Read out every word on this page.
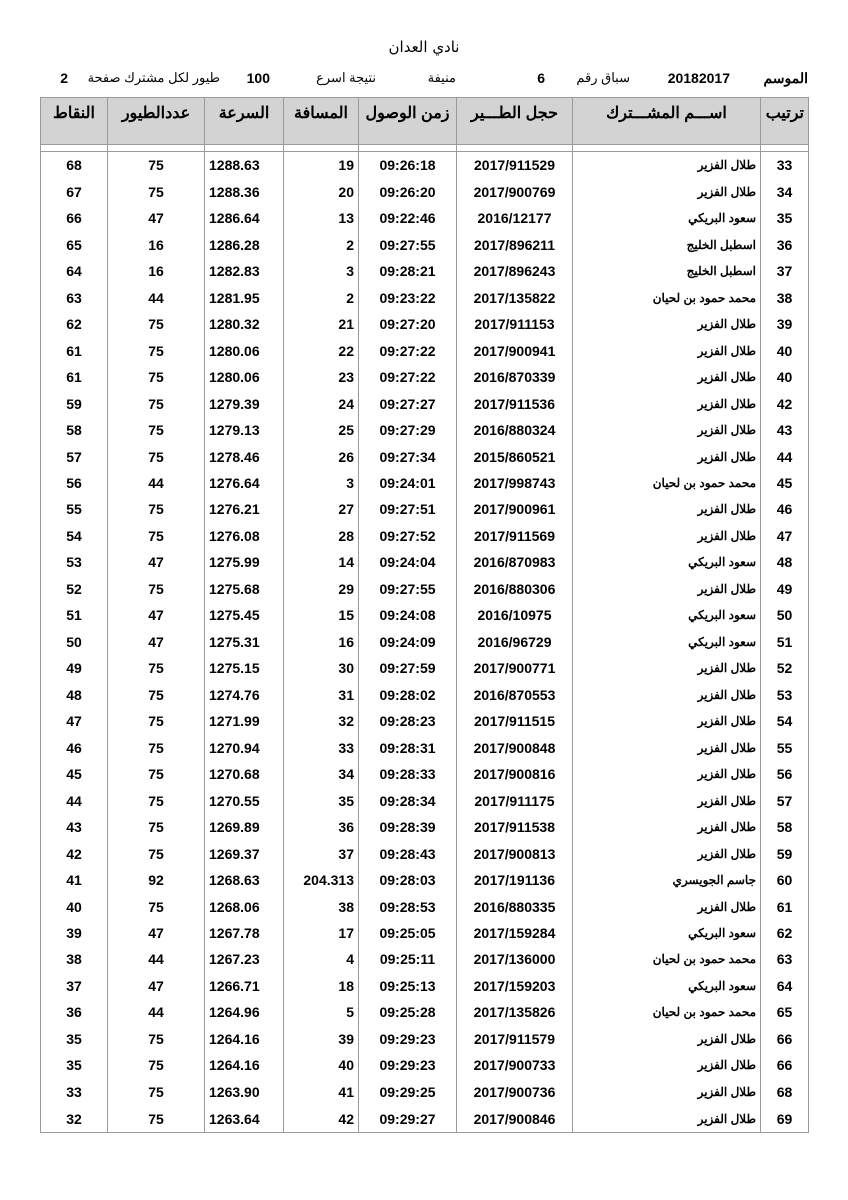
نادي العدان
الموسم
20182017
سباق رقم
6
منيفة
نتيجة اسرع
100
طيور لكل مشترك صفحة
2
ترتيب	اســـم المشـــترك	حجل الطـــير	زمن الوصول	المسافة	السرعة	عددالطيور	النقاط

33	طلال الفزير	2017/911529	09:26:18	19	1288.63	75	68
34	طلال الفزير	2017/900769	09:26:20	20	1288.36	75	67
35	سعود البريكي	2016/12177	09:22:46	13	1286.64	47	66
36	اسطبل الخليج	2017/896211	09:27:55	2	1286.28	16	65
37	اسطبل الخليج	2017/896243	09:28:21	3	1282.83	16	64
38	محمد حمود بن لحيان	2017/135822	09:23:22	2	1281.95	44	63
39	طلال الفزير	2017/911153	09:27:20	21	1280.32	75	62
40	طلال الفزير	2017/900941	09:27:22	22	1280.06	75	61
40	طلال الفزير	2016/870339	09:27:22	23	1280.06	75	61
42	طلال الفزير	2017/911536	09:27:27	24	1279.39	75	59
43	طلال الفزير	2016/880324	09:27:29	25	1279.13	75	58
44	طلال الفزير	2015/860521	09:27:34	26	1278.46	75	57
45	محمد حمود بن لحيان	2017/998743	09:24:01	3	1276.64	44	56
46	طلال الفزير	2017/900961	09:27:51	27	1276.21	75	55
47	طلال الفزير	2017/911569	09:27:52	28	1276.08	75	54
48	سعود البريكي	2016/870983	09:24:04	14	1275.99	47	53
49	طلال الفزير	2016/880306	09:27:55	29	1275.68	75	52
50	سعود البريكي	2016/10975	09:24:08	15	1275.45	47	51
51	سعود البريكي	2016/96729	09:24:09	16	1275.31	47	50
52	طلال الفزير	2017/900771	09:27:59	30	1275.15	75	49
53	طلال الفزير	2016/870553	09:28:02	31	1274.76	75	48
54	طلال الفزير	2017/911515	09:28:23	32	1271.99	75	47
55	طلال الفزير	2017/900848	09:28:31	33	1270.94	75	46
56	طلال الفزير	2017/900816	09:28:33	34	1270.68	75	45
57	طلال الفزير	2017/911175	09:28:34	35	1270.55	75	44
58	طلال الفزير	2017/911538	09:28:39	36	1269.89	75	43
59	طلال الفزير	2017/900813	09:28:43	37	1269.37	75	42
60	جاسم الجويسري	2017/191136	09:28:03	204.313	1268.63	92	41
61	طلال الفزير	2016/880335	09:28:53	38	1268.06	75	40
62	سعود البريكي	2017/159284	09:25:05	17	1267.78	47	39
63	محمد حمود بن لحيان	2017/136000	09:25:11	4	1267.23	44	38
64	سعود البريكي	2017/159203	09:25:13	18	1266.71	47	37
65	محمد حمود بن لحيان	2017/135826	09:25:28	5	1264.96	44	36
66	طلال الفزير	2017/911579	09:29:23	39	1264.16	75	35
66	طلال الفزير	2017/900733	09:29:23	40	1264.16	75	35
68	طلال الفزير	2017/900736	09:29:25	41	1263.90	75	33
69	طلال الفزير	2017/900846	09:29:27	42	1263.64	75	32
